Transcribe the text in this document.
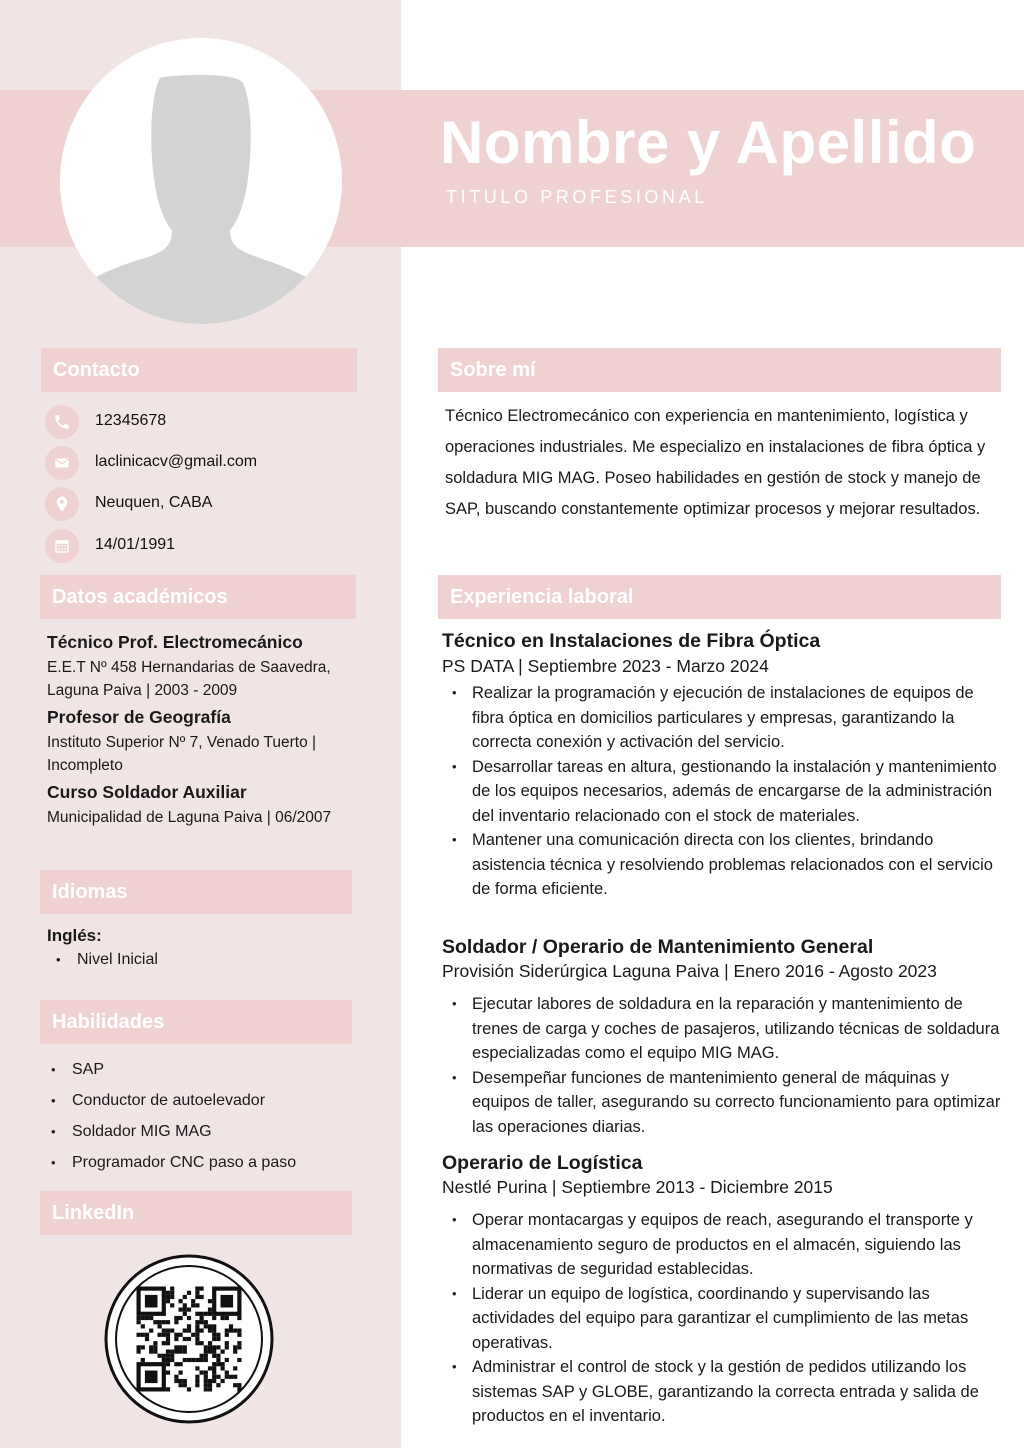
Nombre y Apellido
TITULO PROFESIONAL
Contacto
12345678
laclinicacv@gmail.com
Neuquen, CABA
14/01/1991
Datos académicos
Técnico Prof. Electromecánico
E.E.T Nº 458 Hernandarias de Saavedra, Laguna Paiva | 2003 - 2009
Profesor de Geografía
Instituto Superior Nº 7, Venado Tuerto | Incompleto
Curso Soldador Auxiliar
Municipalidad de Laguna Paiva | 06/2007
Idiomas
Inglés:
• Nivel Inicial
Habilidades
• SAP
• Conductor de autoelevador
• Soldador MIG MAG
• Programador CNC paso a paso
LinkedIn
Sobre mí
Técnico Electromecánico con experiencia en mantenimiento, logística y operaciones industriales. Me especializo en instalaciones de fibra óptica y soldadura MIG MAG. Poseo habilidades en gestión de stock y manejo de SAP, buscando constantemente optimizar procesos y mejorar resultados.
Experiencia laboral
Técnico en Instalaciones de Fibra Óptica
PS DATA | Septiembre 2023 - Marzo 2024
• Realizar la programación y ejecución de instalaciones de equipos de fibra óptica en domicilios particulares y empresas, garantizando la correcta conexión y activación del servicio.
• Desarrollar tareas en altura, gestionando la instalación y mantenimiento de los equipos necesarios, además de encargarse de la administración del inventario relacionado con el stock de materiales.
• Mantener una comunicación directa con los clientes, brindando asistencia técnica y resolviendo problemas relacionados con el servicio de forma eficiente.
Soldador / Operario de Mantenimiento General
Provisión Siderúrgica Laguna Paiva | Enero 2016 - Agosto 2023
• Ejecutar labores de soldadura en la reparación y mantenimiento de trenes de carga y coches de pasajeros, utilizando técnicas de soldadura especializadas como el equipo MIG MAG.
• Desempeñar funciones de mantenimiento general de máquinas y equipos de taller, asegurando su correcto funcionamiento para optimizar las operaciones diarias.
Operario de Logística
Nestlé Purina | Septiembre 2013 - Diciembre 2015
• Operar montacargas y equipos de reach, asegurando el transporte y almacenamiento seguro de productos en el almacén, siguiendo las normativas de seguridad establecidas.
• Liderar un equipo de logística, coordinando y supervisando las actividades del equipo para garantizar el cumplimiento de las metas operativas.
• Administrar el control de stock y la gestión de pedidos utilizando los sistemas SAP y GLOBE, garantizando la correcta entrada y salida de productos en el inventario.
